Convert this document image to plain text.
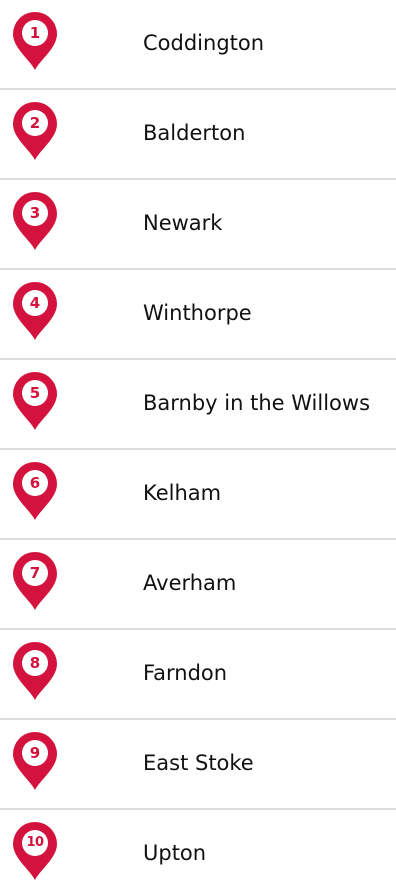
1	Coddington
2	Balderton
3	Newark
4	Winthorpe
5	Barnby in the Willows
6	Kelham
7	Averham
8	Farndon
9	East Stoke
10	Upton
